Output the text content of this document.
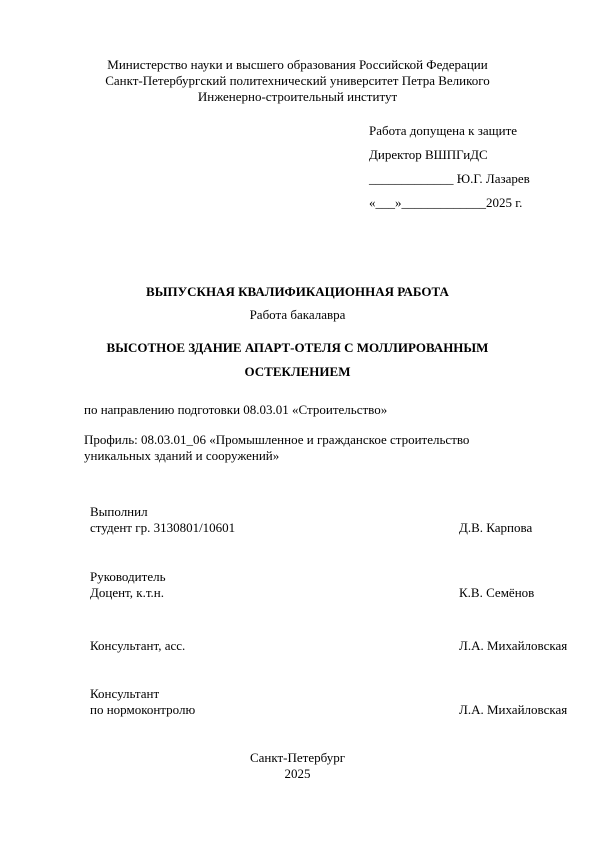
Министерство науки и высшего образования Российской Федерации
Санкт-Петербургский политехнический университет Петра Великого
Инженерно-строительный институт
Работа допущена к защите
Директор ВШПГиДС
_____________ Ю.Г. Лазарев
«___»_____________2025 г.
ВЫПУСКНАЯ КВАЛИФИКАЦИОННАЯ РАБОТА
Работа бакалавра
ВЫСОТНОЕ ЗДАНИЕ АПАРТ-ОТЕЛЯ С МОЛЛИРОВАННЫМ
ОСТЕКЛЕНИЕМ
по направлению подготовки 08.03.01 «Строительство»
Профиль: 08.03.01_06 «Промышленное и гражданское строительство
уникальных зданий и сооружений»
Выполнил
студент гр. 3130801/10601	Д.В. Карпова
Руководитель
Доцент, к.т.н.	К.В. Семёнов
Консультант, асс.	Л.А. Михайловская
Консультант
по нормоконтролю	Л.А. Михайловская
Санкт-Петербург
2025
